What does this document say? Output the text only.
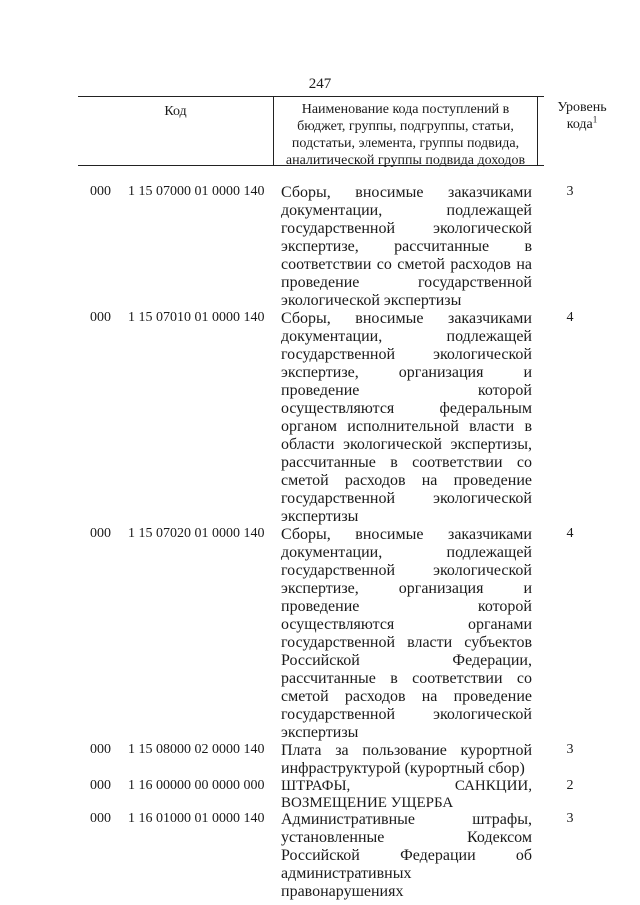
247
Код	Наименование кода поступлений в бюджет, группы, подгруппы, статьи, подстатьи, элемента, группы подвида, аналитической группы подвида доходов
Уровень кода$^1$
000	1 15 07000 01 0000 140	Сборы, вносимые заказчиками документации, подлежащей государственной экологической экспертизе, рассчитанные в соответствии со сметой расходов на проведение государственной экологической экспертизы
3
000	1 15 07010 01 0000 140	Сборы, вносимые заказчиками документации, подлежащей государственной экологической экспертизе, организация и проведение которой осуществляются федеральным органом исполнительной власти в области экологической экспертизы, рассчитанные в соответствии со сметой расходов на проведение государственной экологической экспертизы
4
000	1 15 07020 01 0000 140	Сборы, вносимые заказчиками документации, подлежащей государственной экологической экспертизе, организация и проведение которой осуществляются органами государственной власти субъектов Российской Федерации, рассчитанные в соответствии со сметой расходов на проведение государственной экологической экспертизы
4
000	1 15 08000 02 0000 140	Плата за пользование курортной инфраструктурой (курортный сбор)
3
000	1 16 00000 00 0000 000	ШТРАФЫ, САНКЦИИ, ВОЗМЕЩЕНИЕ УЩЕРБА
2
000	1 16 01000 01 0000 140	Административные штрафы, установленные Кодексом Российской Федерации об административных правонарушениях
3
